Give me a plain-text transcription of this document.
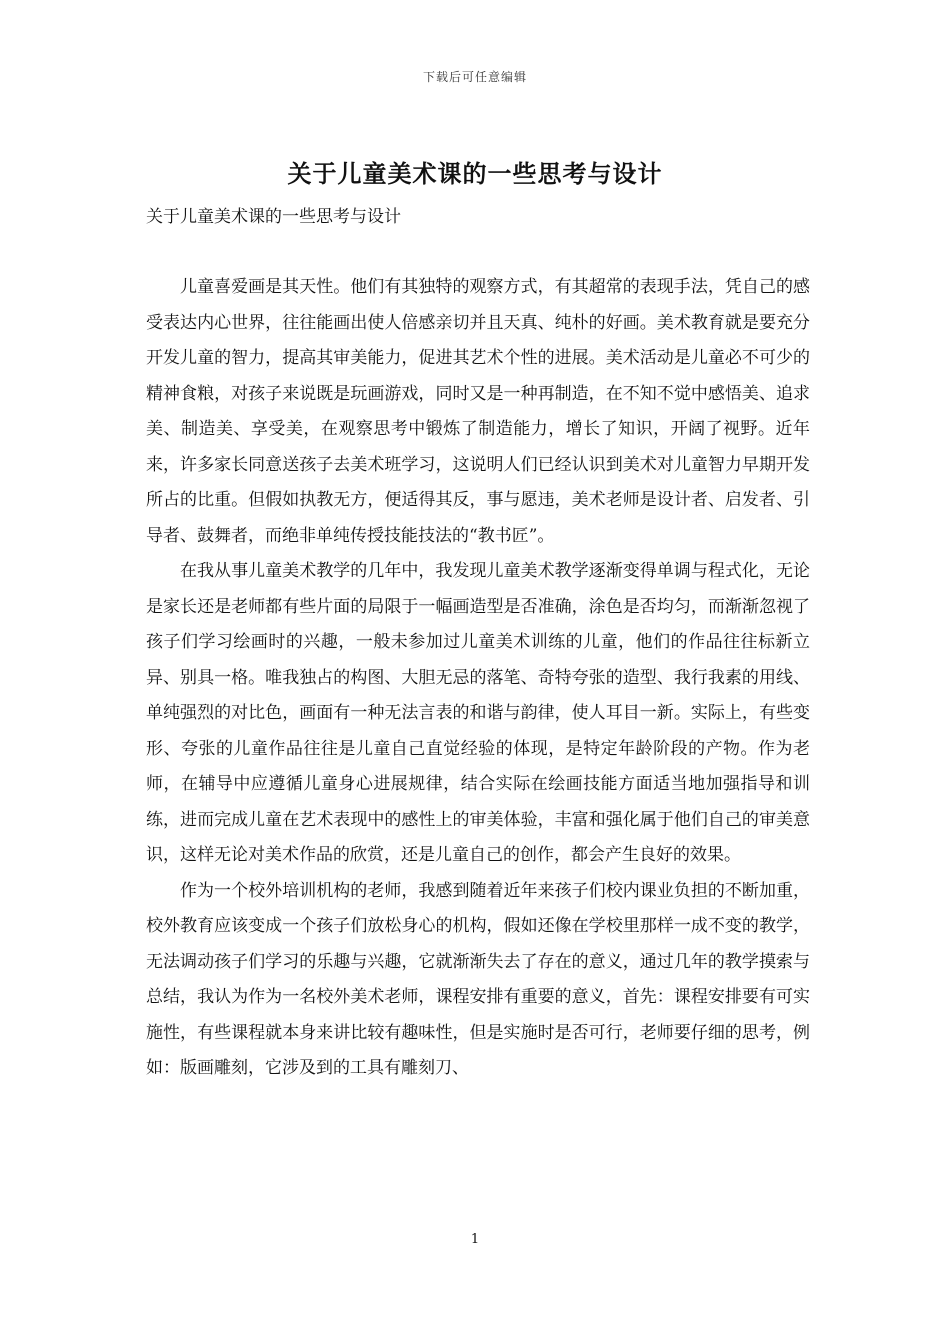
下载后可任意编辑
关于儿童美术课的一些思考与设计
关于儿童美术课的一些思考与设计

儿童喜爱画是其天性。他们有其独特的观察方式，有其超常的表现手法，凭自己的感受表达内心世界，往往能画出使人倍感亲切并且天真、纯朴的好画。美术教育就是要充分开发儿童的智力，提高其审美能力，促进其艺术个性的进展。美术活动是儿童必不可少的精神食粮，对孩子来说既是玩画游戏，同时又是一种再制造，在不知不觉中感悟美、追求美、制造美、享受美，在观察思考中锻炼了制造能力，增长了知识，开阔了视野。近年来，许多家长同意送孩子去美术班学习，这说明人们已经认识到美术对儿童智力早期开发所占的比重。但假如执教无方，便适得其反，事与愿违，美术老师是设计者、启发者、引导者、鼓舞者，而绝非单纯传授技能技法的“教书匠”。

在我从事儿童美术教学的几年中，我发现儿童美术教学逐渐变得单调与程式化，无论是家长还是老师都有些片面的局限于一幅画造型是否准确，涂色是否均匀，而渐渐忽视了孩子们学习绘画时的兴趣，一般未参加过儿童美术训练的儿童，他们的作品往往标新立异、别具一格。唯我独占的构图、大胆无忌的落笔、奇特夸张的造型、我行我素的用线、单纯强烈的对比色，画面有一种无法言表的和谐与韵律，使人耳目一新。实际上，有些变形、夸张的儿童作品往往是儿童自己直觉经验的体现，是特定年龄阶段的产物。作为老师，在辅导中应遵循儿童身心进展规律，结合实际在绘画技能方面适当地加强指导和训练，进而完成儿童在艺术表现中的感性上的审美体验，丰富和强化属于他们自己的审美意识，这样无论对美术作品的欣赏，还是儿童自己的创作，都会产生良好的效果。

作为一个校外培训机构的老师，我感到随着近年来孩子们校内课业负担的不断加重，校外教育应该变成一个孩子们放松身心的机构，假如还像在学校里那样一成不变的教学，无法调动孩子们学习的乐趣与兴趣，它就渐渐失去了存在的意义，通过几年的教学摸索与总结，我认为作为一名校外美术老师，课程安排有重要的意义，首先：课程安排要有可实施性，有些课程就本身来讲比较有趣味性，但是实施时是否可行，老师要仔细的思考，例如：版画雕刻，它涉及到的工具有雕刻刀、

1
